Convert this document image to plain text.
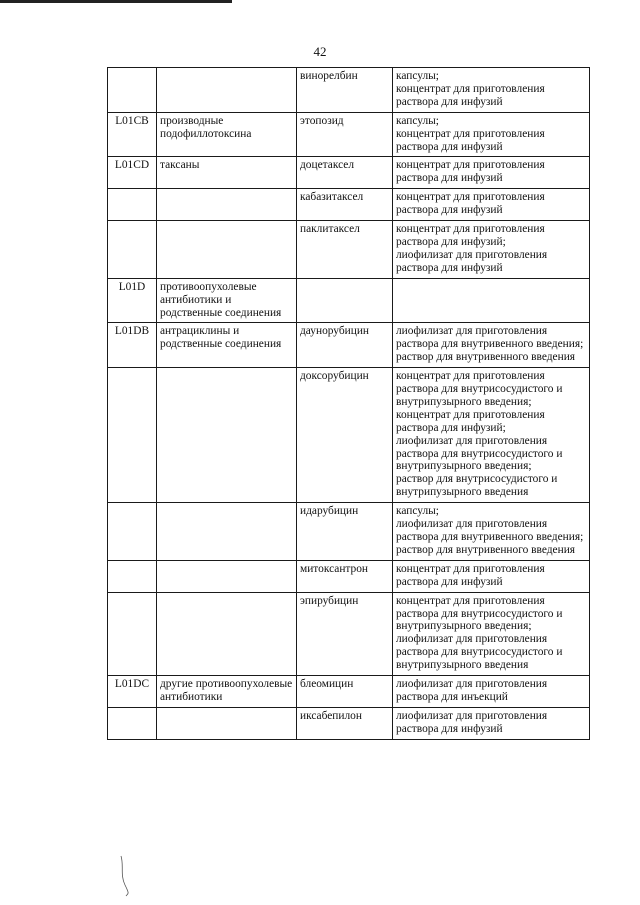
42
		винорелбин	капсулы;
концентрат для приготовления раствора для инфузий

L01CB	производные подофиллотоксина	этопозид	капсулы;
концентрат для приготовления раствора для инфузий

L01CD	таксаны	доцетаксел	концентрат для приготовления раствора для инфузий

		кабазитаксел	концентрат для приготовления раствора для инфузий

		паклитаксел	концентрат для приготовления раствора для инфузий;
лиофилизат для приготовления раствора для инфузий

L01D	противоопухолевые антибиотики и родственные соединения		
L01DB	антрациклины и родственные соединения	даунорубицин	лиофилизат для приготовления раствора для внутривенного введения;
раствор для внутривенного введения

		доксорубицин	концентрат для приготовления раствора для внутрисосудистого и внутрипузырного введения;
концентрат для приготовления раствора для инфузий;
лиофилизат для приготовления раствора для внутрисосудистого и внутрипузырного введения;
раствор для внутрисосудистого и внутрипузырного введения

		идарубицин	капсулы;
лиофилизат для приготовления раствора для внутривенного введения;
раствор для внутривенного введения

		митоксантрон	концентрат для приготовления раствора для инфузий

		эпирубицин	концентрат для приготовления раствора для внутрисосудистого и внутрипузырного введения;
лиофилизат для приготовления раствора для внутрисосудистого и внутрипузырного введения

L01DC	другие противоопухолевые антибиотики	блеомицин	лиофилизат для приготовления раствора для инъекций

		иксабепилон	лиофилизат для приготовления раствора для инфузий
